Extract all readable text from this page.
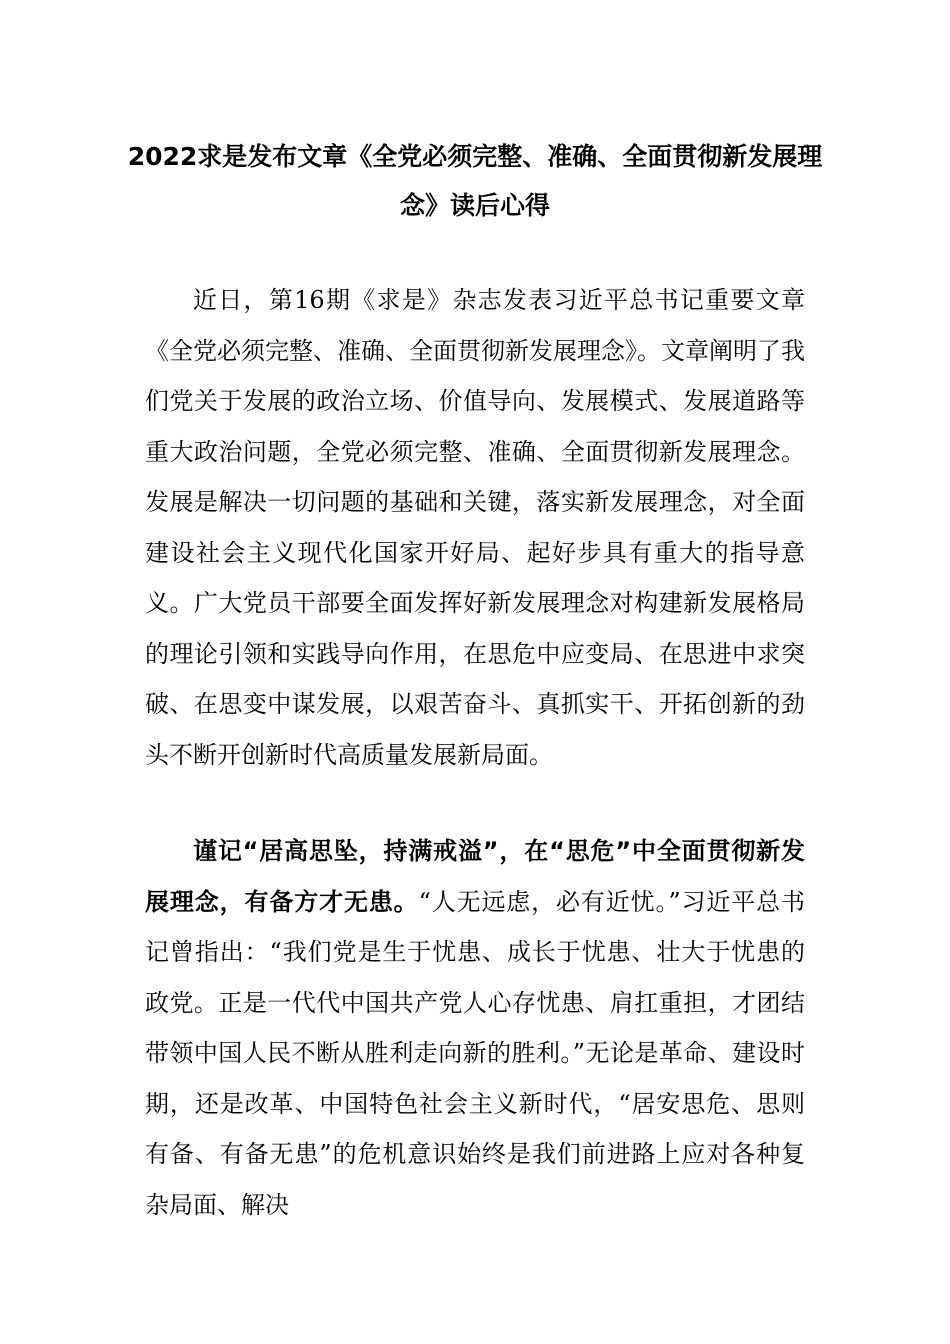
2022求是发布文章《全党必须完整、准确、全面贯彻新发展理念》读后心得

近日，第16期《求是》杂志发表习近平总书记重要文章《全党必须完整、准确、全面贯彻新发展理念》。文章阐明了我们党关于发展的政治立场、价值导向、发展模式、发展道路等重大政治问题，全党必须完整、准确、全面贯彻新发展理念。发展是解决一切问题的基础和关键，落实新发展理念，对全面建设社会主义现代化国家开好局、起好步具有重大的指导意义。广大党员干部要全面发挥好新发展理念对构建新发展格局的理论引领和实践导向作用，在思危中应变局、在思进中求突破、在思变中谋发展，以艰苦奋斗、真抓实干、开拓创新的劲头不断开创新时代高质量发展新局面。

谨记“居高思坠，持满戒溢”，在“思危”中全面贯彻新发展理念，有备方才无患。“人无远虑，必有近忧。”习近平总书记曾指出：“我们党是生于忧患、成长于忧患、壮大于忧患的政党。正是一代代中国共产党人心存忧患、肩扛重担，才团结带领中国人民不断从胜利走向新的胜利。”无论是革命、建设时期，还是改革、中国特色社会主义新时代，“居安思危、思则有备、有备无患”的危机意识始终是我们前进路上应对各种复杂局面、解决
